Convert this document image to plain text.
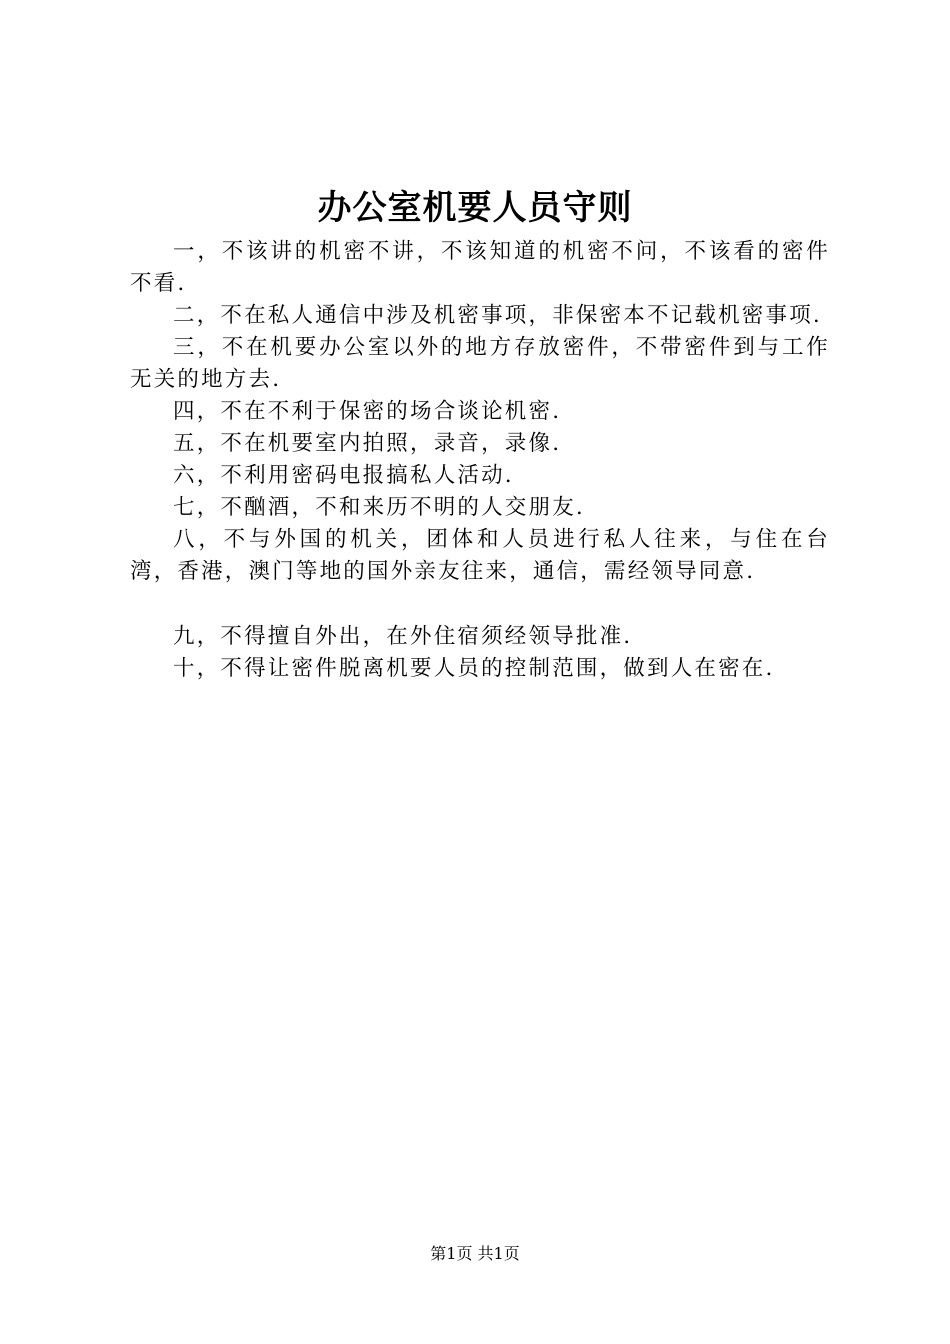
办公室机要人员守则

一，不该讲的机密不讲，不该知道的机密不问，不该看的密件不看.

二，不在私人通信中涉及机密事项，非保密本不记载机密事项.

三，不在机要办公室以外的地方存放密件，不带密件到与工作无关的地方去.

四，不在不利于保密的场合谈论机密.

五，不在机要室内拍照，录音，录像.

六，不利用密码电报搞私人活动.

七，不酗酒，不和来历不明的人交朋友.

八，不与外国的机关，团体和人员进行私人往来，与住在台湾，香港，澳门等地的国外亲友往来，通信，需经领导同意.

九，不得擅自外出，在外住宿须经领导批准.

十，不得让密件脱离机要人员的控制范围，做到人在密在.

第1页 共1页
